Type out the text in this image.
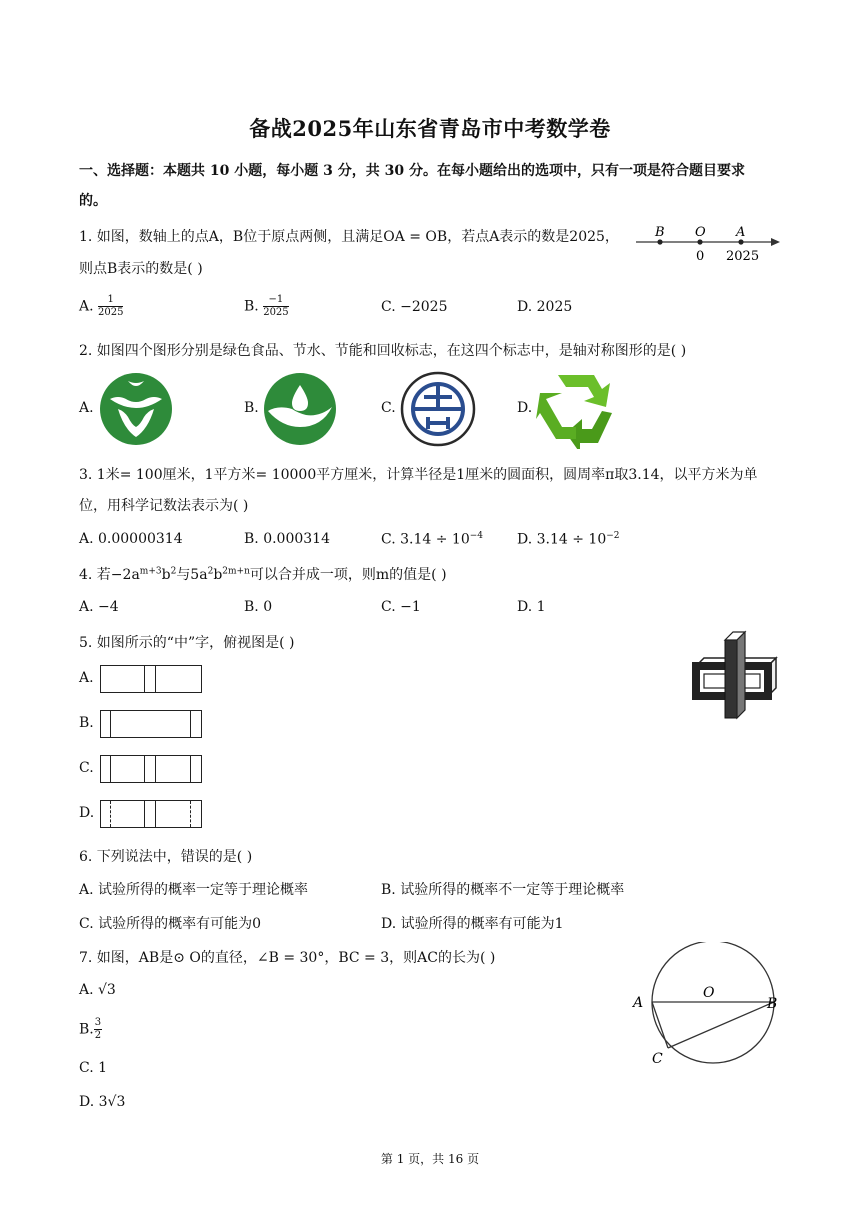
备战2025年山东省青岛市中考数学卷
一、选择题：本题共 10 小题，每小题 3 分，共 30 分。在每小题给出的选项中，只有一项是符合题目要求
的。
1. 如图，数轴上的点A，B位于原点两侧，且满足OA = OB，若点A表示的数是2025，
则点B表示的数是( )
B O A
0 2025
A. $\frac{1}{2025}$	B. $\frac{-1}{2025}$	C. −2025	D. 2025
2. 如图四个图形分别是绿色食品、节水、节能和回收标志，在这四个标志中，是轴对称图形的是( )
A.	B.	C.	D.
3. 1米= 100厘米，1平方米= 10000平方厘米，计算半径是1厘米的圆面积，圆周率π取3.14，以平方米为单
位，用科学记数法表示为( )
A. 0.00000314	B. 0.000314	C. $3.14 \div 10^{-4}$ D. $3.14 \div 10^{-2}$
4. 若$-2a^{m+3}b^2$与$5a^2b^{2m+n}$可以合并成一项，则m的值是( )
A. −4	B. 0	C. −1	D. 1
5. 如图所示的“中”字，俯视图是( )
A.
B.
C.
D.
6. 下列说法中，错误的是( )
A. 试验所得的概率一定等于理论概率	B. 试验所得的概率不一定等于理论概率
C. 试验所得的概率有可能为0	D. 试验所得的概率有可能为1
7. 如图，AB是⊙ O的直径，∠B = 30°，BC = 3，则AC的长为( )
A. √3
B. $\frac{3}{2}$
C. 1
D. 3√3
A
O
B
C
第 1 页，共 16 页
